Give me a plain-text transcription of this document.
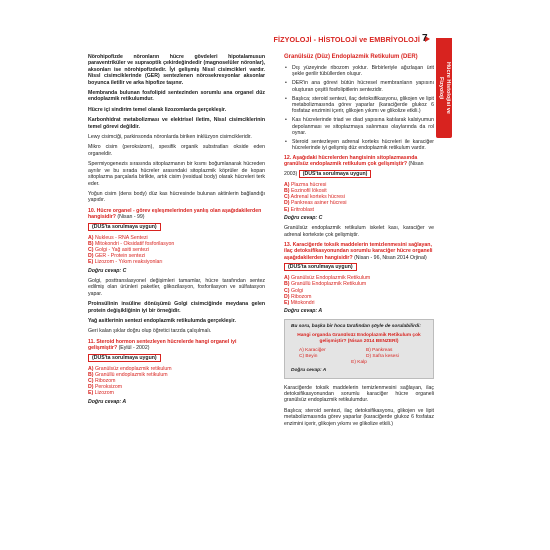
FİZYOLOJİ - HİSTOLOJİ ve EMBRİYOLOJİ 7
Hücre Histolojisi ve
Fizyoloji

Nörohipofizde nöronların hücre gövdeleri hipotalamusun paraventriküler ve supraoptik çekirdeğindedir (magnoselüler nöronlar), aksonları ise nörohipofizdedir. İyi gelişmiş Nissl cisimcikleri vardır. Nissl cisimciklerinde (GER) sentezlenen nörosekresyonlar aksonlar boyunca iletilir ve arka hipofize taşınır.

Membranda bulunan fosfolipid sentezinden sorumlu ana organel düz endoplazmik retikulumdur.

Hücre içi sindirim temel olarak lizozomlarda gerçekleşir.

Karbonhidrat metabolizması ve elektrisel iletim, Nissl cisimciklerinin temel görevi değildir.

Lewy cisimciği, parkinsonda nöronlarda biriken inklüzyon cisimcikleridir.

Mikro cisim (peroksizom), spesifik organik substratları okside eden organeldir.

Spermiyogenezis sırasında sitoplazmanın bir kısmı boğumlanarak hücreden ayrılır ve bu sırada hücreler arasındaki sitoplazmik köprüler de kopan sitoplazma parçalarla birlikte, artık cisim (residual body) olarak hücreleri terk eder.

Yoğun cisim (dens body) düz kas hücresinde bulunan aktinlerin bağlandığı yapıdır.

10. Hücre organel - görev eşleşmelerinden yanlış olan aşağıdakilerden hangisidir? (Nisan - 99)

(DUS'ta sorulmaya uygun)
A) Nukleus - RNA Sentezi
B) Mitokondri - Oksidatif fosforilasyon
C) Golgi - Yağ asiti sentezi
D) GER - Protein sentezi
E) Lizozom - Yıkım reaksiyonları

Doğru cevap: C

Golgi, posttranslasyonel değişimleri tamamlar, hücre tarafından sentez edilmiş olan ürünleri paketler, glikozilasyon, fosforilasyon ve sülfatasyon yapar.

Proinsülinin insüline dönüşümü Golgi cisimciğinde meydana gelen protein değişikliğinin iyi bir örneğidir.

Yağ asitlerinin sentezi endoplazmik retikulumda gerçekleşir.

Geri kalan şıklar doğru olup öğretici tarzda çalışılmalı.

11. Steroid hormon sentezleyen hücrelerde hangi organel iyi gelişmiştir? (Eylül - 2002)

(DUS'ta sorulmaya uygun)
A) Granülsüz endoplazmik retikulum
B) Granüllü endoplazmik retikulum
C) Ribozom
D) Peroksizom
E) Lizozom

Doğru cevap: A

Granülsüz (Düz) Endoplazmik Retikulum (DER)

• Dış yüzeyinde ribozom yoktur. Birbirleriyle ağızlaşan ürit şekle gerilir tübüllerden oluşur.
• DER'in ana görevi bütün hücresel membranların yapısını oluşturan çeşitli fosfolipitlerin sentezidir.
• Başlıca; steroid sentezi, ilaç detoksifikasyonu, glikojen ve lipit metabolizmasında görev yaparlar (karaciğerde glukoz 6 fosfataz enzimini içerir, glikojen yıkımı ve glikolize etkili.)
• Kas hücrelerinde triad ve diad yapısına katılarak kalsiyumun depolanması ve sitoplazmaya salınması olaylarında da rol oynar.
• Steroid sentezleyen adrenal korteks hücreleri ile karaciğer hücrelerinde iyi gelişmiş düz endoplazmik retikulum vardır.

12. Aşağıdaki hücrelerden hangisinin sitoplazmasında granülsüz endoplazmik retikulum çok gelişmiştir? (Nisan 2003) (DUS'ta sorulmaya uygun)

A) Plazma hücresi
B) Eozinofil lökosit
C) Adrenal korteks hücresi
D) Pankreas asiner hücresi
E) Eritroblast

Doğru cevap: C

Granülsüz endoplazmik retikulum iskelet kası, karaciğer ve adrenal kortekste çok gelişmiştir.

13. Karaciğerde toksik maddelerin temizlenmesini sağlayan, ilaç detoksifikasyonundan sorumlu karaciğer hücre organeli aşağıdakilerden hangisidir? (Nisan - 96, Nisan 2014 Orjinal)

(DUS'ta sorulmaya uygun)
A) Granülsüz Endoplazmik Retikulum
B) Granüllü Endoplazmik Retikulum
C) Golgi
D) Ribozom
E) Mitokondri

Doğru cevap: A

Bu soru, başka bir hoca tarafından şöyle de sorulabilirdi:

Hangi organda Granülsüz Endoplazmik Retikulum çok gelişmiştir? (Nisan 2014 BENZERİ)

A) Karaciğer	B) Pankreas
C) Beyin	D) Safra kesesi
E) Kalp

Doğru cevap: A

Karaciğerde toksik maddelerin temizlenmesini sağlayan, ilaç detoksifikasyonundan sorumlu karaciğer hücre organeli granülsüz endoplazmik retikulumdur.

Başlıca; steroid sentezi, ilaç detoksifikasyonu, glikojen ve lipit metabolizmasında görev yaparlar (karaciğerde glukoz 6 fosfataz enzimini içerir, glikojen yıkımı ve glikolize etkili.)
